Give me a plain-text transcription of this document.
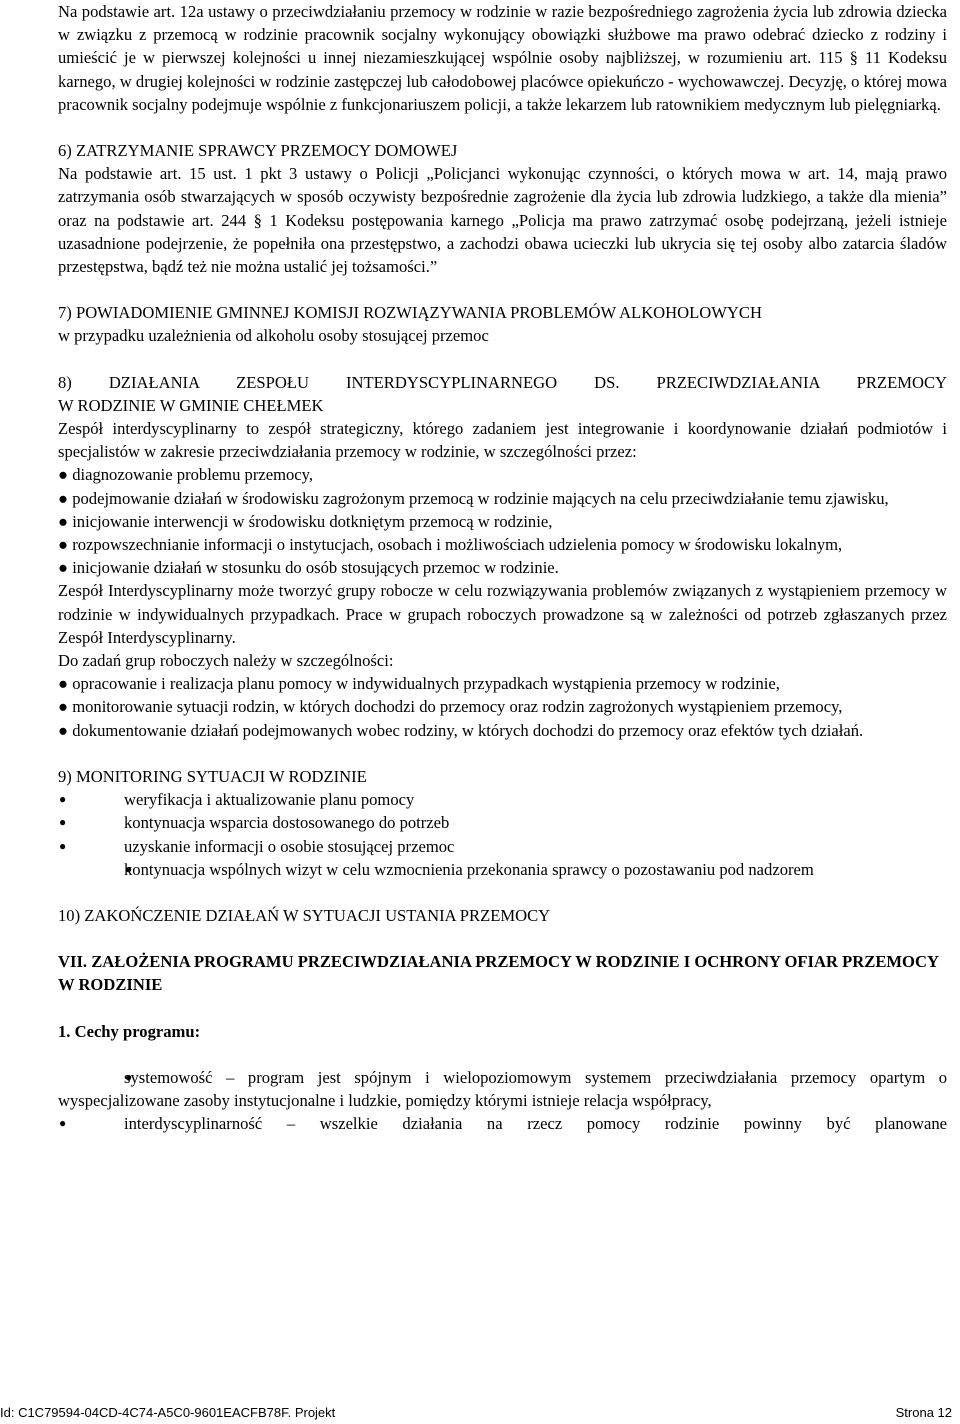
Na podstawie art. 12a ustawy o przeciwdziałaniu przemocy w rodzinie w razie bezpośredniego zagrożenia życia lub zdrowia dziecka w związku z przemocą w rodzinie pracownik socjalny wykonujący obowiązki służbowe ma prawo odebrać dziecko z rodziny i umieścić je w pierwszej kolejności u innej niezamieszkującej wspólnie osoby najbliższej, w rozumieniu art. 115 § 11 Kodeksu karnego, w drugiej kolejności w rodzinie zastępczej lub całodobowej placówce opiekuńczo - wychowawczej. Decyzję, o której mowa pracownik socjalny podejmuje wspólnie z funkcjonariuszem policji, a także lekarzem lub ratownikiem medycznym lub pielęgniarką.

6) ZATRZYMANIE SPRAWCY PRZEMOCY DOMOWEJ

Na podstawie art. 15 ust. 1 pkt 3 ustawy o Policji „Policjanci wykonując czynności, o których mowa w art. 14, mają prawo zatrzymania osób stwarzających w sposób oczywisty bezpośrednie zagrożenie dla życia lub zdrowia ludzkiego, a także dla mienia” oraz na podstawie art. 244 § 1 Kodeksu postępowania karnego „Policja ma prawo zatrzymać osobę podejrzaną, jeżeli istnieje uzasadnione podejrzenie, że popełniła ona przestępstwo, a zachodzi obawa ucieczki lub ukrycia się tej osoby albo zatarcia śladów przestępstwa, bądź też nie można ustalić jej tożsamości.”

7) POWIADOMIENIE GMINNEJ KOMISJI ROZWIĄZYWANIA PROBLEMÓW ALKOHOLOWYCH

w przypadku uzależnienia od alkoholu osoby stosującej przemoc

8) DZIAŁANIA ZESPOŁU INTERDYSCYPLINARNEGO DS. PRZECIWDZIAŁANIA PRZEMOCY

W RODZINIE W GMINIE CHEŁMEK

Zespół interdyscyplinarny to zespół strategiczny, którego zadaniem jest integrowanie i koordynowanie działań podmiotów i specjalistów w zakresie przeciwdziałania przemocy w rodzinie, w szczególności przez:

● diagnozowanie problemu przemocy,

● podejmowanie działań w środowisku zagrożonym przemocą w rodzinie mających na celu przeciwdziałanie temu zjawisku,

● inicjowanie interwencji w środowisku dotkniętym przemocą w rodzinie,

● rozpowszechnianie informacji o instytucjach, osobach i możliwościach udzielenia pomocy w środowisku lokalnym,

● inicjowanie działań w stosunku do osób stosujących przemoc w rodzinie.

Zespół Interdyscyplinarny może tworzyć grupy robocze w celu rozwiązywania problemów związanych z wystąpieniem przemocy w rodzinie w indywidualnych przypadkach. Prace w grupach roboczych prowadzone są w zależności od potrzeb zgłaszanych przez Zespół Interdyscyplinarny.

Do zadań grup roboczych należy w szczególności:

● opracowanie i realizacja planu pomocy w indywidualnych przypadkach wystąpienia przemocy w rodzinie,

● monitorowanie sytuacji rodzin, w których dochodzi do przemocy oraz rodzin zagrożonych wystąpieniem przemocy,

● dokumentowanie działań podejmowanych wobec rodziny, w których dochodzi do przemocy oraz efektów tych działań.

9) MONITORING SYTUACJI W RODZINIE

● weryfikacja i aktualizowanie planu pomocy
● kontynuacja wsparcia dostosowanego do potrzeb
● uzyskanie informacji o osobie stosującej przemoc
● kontynuacja wspólnych wizyt w celu wzmocnienia przekonania sprawcy o pozostawaniu pod nadzorem

10) ZAKOŃCZENIE DZIAŁAŃ W SYTUACJI USTANIA PRZEMOCY

VII. ZAŁOŻENIA PROGRAMU PRZECIWDZIAŁANIA PRZEMOCY W RODZINIE I OCHRONY OFIAR PRZEMOCY W RODZINIE

1. Cechy programu:

● systemowość – program jest spójnym i wielopoziomowym systemem przeciwdziałania przemocy opartym o wyspecjalizowane zasoby instytucjonalne i ludzkie, pomiędzy którymi istnieje relacja współpracy,
● interdyscyplinarność – wszelkie działania na rzecz pomocy rodzinie powinny być planowane
Id: C1C79594-04CD-4C74-A5C0-9601EACFB78F. Projekt	Strona 12
